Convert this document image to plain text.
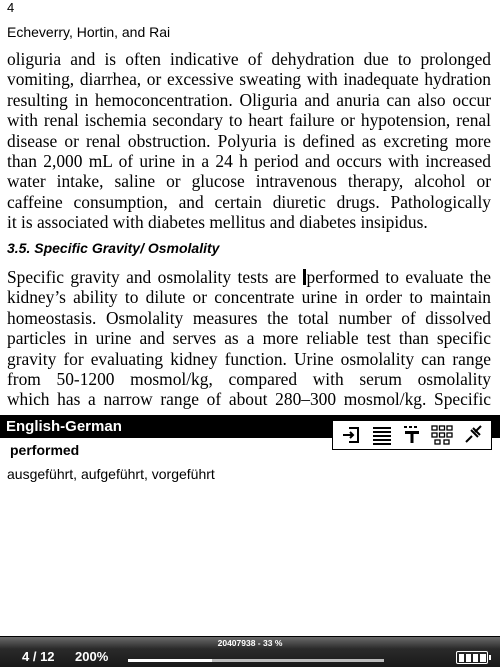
4
Echeverry, Hortin, and Rai
oliguria and is often indicative of dehydration due to prolonged
vomiting, diarrhea, or excessive sweating with inadequate hydration
resulting in hemoconcentration. Oliguria and anuria can also occur
with renal ischemia secondary to heart failure or hypotension, renal
disease or renal obstruction. Polyuria is defined as excreting more
than 2,000 mL of urine in a 24 h period and occurs with increased
water intake, saline or glucose intravenous therapy, alcohol or
caffeine consumption, and certain diuretic drugs. Pathologically
it is associated with diabetes mellitus and diabetes insipidus.
3.5. Specific Gravity/ Osmolality
Specific gravity and osmolality tests are performed to evaluate the
kidney’s ability to dilute or concentrate urine in order to maintain
homeostasis. Osmolality measures the total number of dissolved
particles in urine and serves as a more reliable test than specific
gravity for evaluating kidney function. Urine osmolality can range
from 50-1200 mosmol/kg, compared with serum osmolality
which has a narrow range of about 280–300 mosmol/kg. Specific
English-German
performed
ausgeführt, aufgeführt, vorgeführt
4 / 12 200%
20407938 - 33 %
